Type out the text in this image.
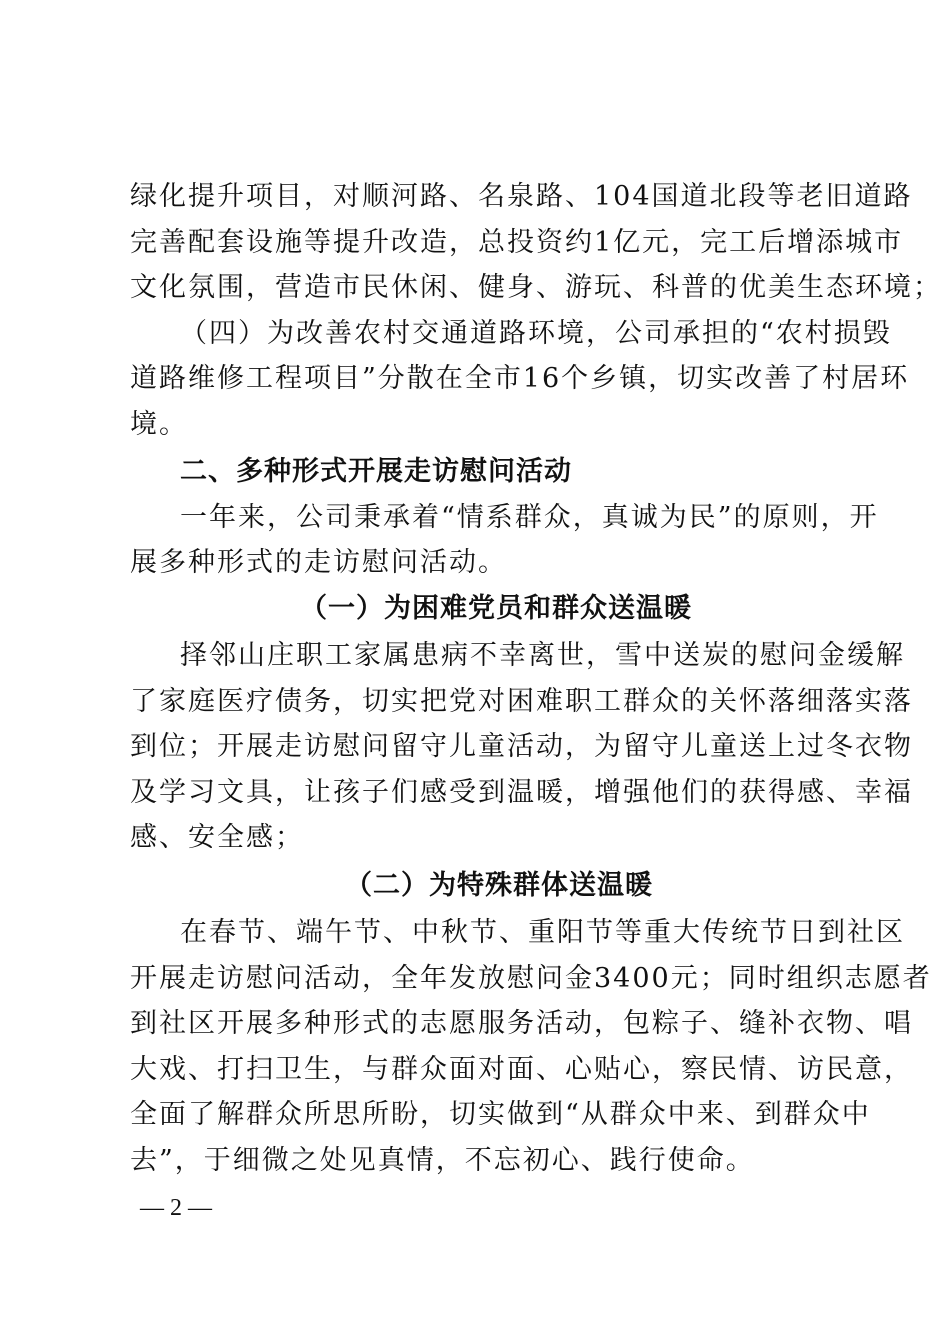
绿化提升项目，对顺河路、名泉路、104国道北段等老旧道路
完善配套设施等提升改造，总投资约1亿元，完工后增添城市
文化氛围，营造市民休闲、健身、游玩、科普的优美生态环境；
（四）为改善农村交通道路环境，公司承担的“农村损毁
道路维修工程项目”分散在全市16个乡镇，切实改善了村居环
境。
二、多种形式开展走访慰问活动
一年来，公司秉承着“情系群众，真诚为民”的原则，开
展多种形式的走访慰问活动。
（一）为困难党员和群众送温暖
择邻山庄职工家属患病不幸离世，雪中送炭的慰问金缓解
了家庭医疗债务，切实把党对困难职工群众的关怀落细落实落
到位；开展走访慰问留守儿童活动，为留守儿童送上过冬衣物
及学习文具，让孩子们感受到温暖，增强他们的获得感、幸福
感、安全感；
（二）为特殊群体送温暖
在春节、端午节、中秋节、重阳节等重大传统节日到社区
开展走访慰问活动，全年发放慰问金3400元；同时组织志愿者
到社区开展多种形式的志愿服务活动，包粽子、缝补衣物、唱
大戏、打扫卫生，与群众面对面、心贴心，察民情、访民意，
全面了解群众所思所盼，切实做到“从群众中来、到群众中
去”，于细微之处见真情，不忘初心、践行使命。
— 2 —
